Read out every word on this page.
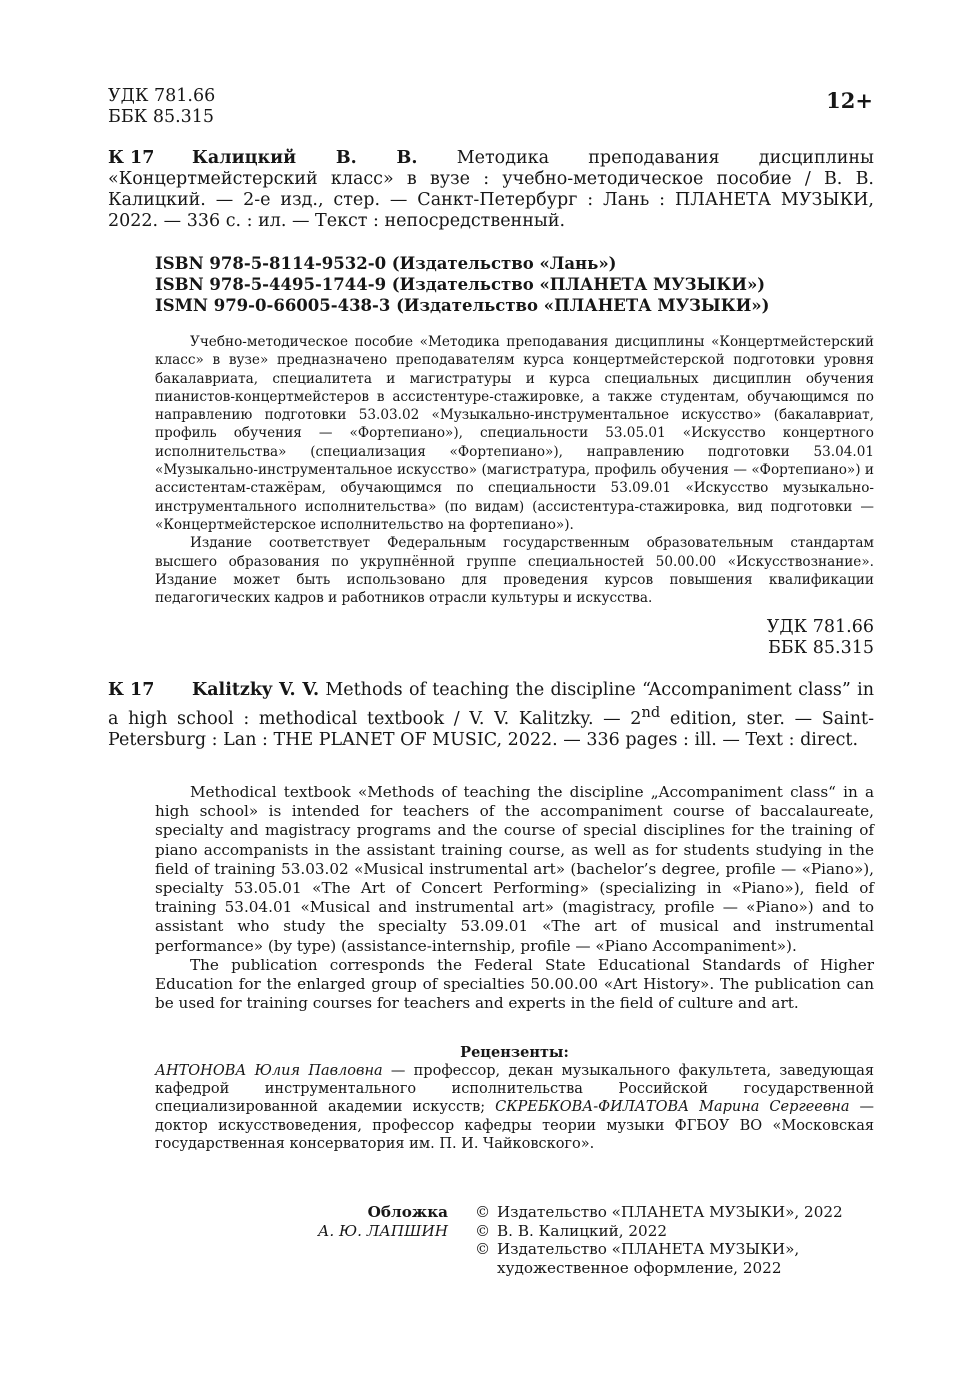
УДК 781.66
ББК 85.315
12+
К 17	Калицкий В. В. Методика преподавания дисциплины «Концертмейстерский класс» в вузе : учебно-методическое пособие / В. В. Калицкий. — 2-е изд., стер. — Санкт-Петербург : Лань : ПЛАНЕТА МУЗЫКИ, 2022. — 336 с. : ил. — Текст : непосредственный.
ISBN 978-5-8114-9532-0 (Издательство «Лань»)
ISBN 978-5-4495-1744-9 (Издательство «ПЛАНЕТА МУЗЫКИ»)
ISMN 979-0-66005-438-3 (Издательство «ПЛАНЕТА МУЗЫКИ»)

Учебно-методическое пособие «Методика преподавания дисциплины «Концертмейстерский класс» в вузе» предназначено преподавателям курса концертмейстерской подготовки уровня бакалавриата, специалитета и магистратуры и курса специальных дисциплин обучения пианистов-концертмейстеров в ассистентуре-стажировке, а также студентам, обучающимся по направлению подготовки 53.03.02 «Музыкально-инструментальное искусство» (бакалавриат, профиль обучения — «Фортепиано»), специальности 53.05.01 «Искусство концертного исполнительства» (специализация «Фортепиано»), направлению подготовки 53.04.01 «Музыкально-инструментальное искусство» (магистратура, профиль обучения — «Фортепиано») и ассистентам-стажёрам, обучающимся по специальности 53.09.01 «Искусство музыкально-инструментального исполнительства» (по видам) (ассистентура-стажировка, вид подготовки — «Концертмейстерское исполнительство на фортепиано»).

Издание соответствует Федеральным государственным образовательным стандартам высшего образования по укрупнённой группе специальностей 50.00.00 «Искусствознание». Издание может быть использовано для проведения курсов повышения квалификации педагогических кадров и работников отрасли культуры и искусства.

УДК 781.66
ББК 85.315
К 17	Kalitzky V. V. Methods of teaching the discipline “Accompaniment class” in a high school : methodical textbook / V. V. Kalitzky. — 2nd edition, ster. — Saint-Petersburg : Lan : THE PLANET OF MUSIC, 2022. — 336 pages : ill. — Text : direct.

Methodical textbook «Methods of teaching the discipline „Accompaniment class“ in a high school» is intended for teachers of the accompaniment course of baccalaureate, specialty and magistracy programs and the course of special disciplines for the training of piano accompanists in the assistant training course, as well as for students studying in the field of training 53.03.02 «Musical instrumental art» (bachelor’s degree, profile — «Piano»), specialty 53.05.01 «The Art of Concert Performing» (specializing in «Piano»), field of training 53.04.01 «Musical and instrumental art» (magistracy, profile — «Piano») and to assistant who study the specialty 53.09.01 «The art of musical and instrumental performance» (by type) (assistance-internship, profile — «Piano Accompaniment»).

The publication corresponds the Federal State Educational Standards of Higher Education for the enlarged group of specialties 50.00.00 «Art History». The publication can be used for training courses for teachers and experts in the field of culture and art.

Рецензенты:
АНТОНОВА Юлия Павловна — профессор, декан музыкального факультета, заведующая кафедрой инструментального исполнительства Российской государственной специализированной академии искусств; СКРЕБКОВА-ФИЛАТОВА Марина Сергеевна — доктор искусствоведения, профессор кафедры теории музыки ФГБОУ ВО «Московская государственная консерватория им. П. И. Чайковского».
Обложка
А. Ю. ЛАПШИН
© Издательство «ПЛАНЕТА МУЗЫКИ», 2022
© В. В. Калицкий, 2022
© Издательство «ПЛАНЕТА МУЗЫКИ»,
художественное оформление, 2022
